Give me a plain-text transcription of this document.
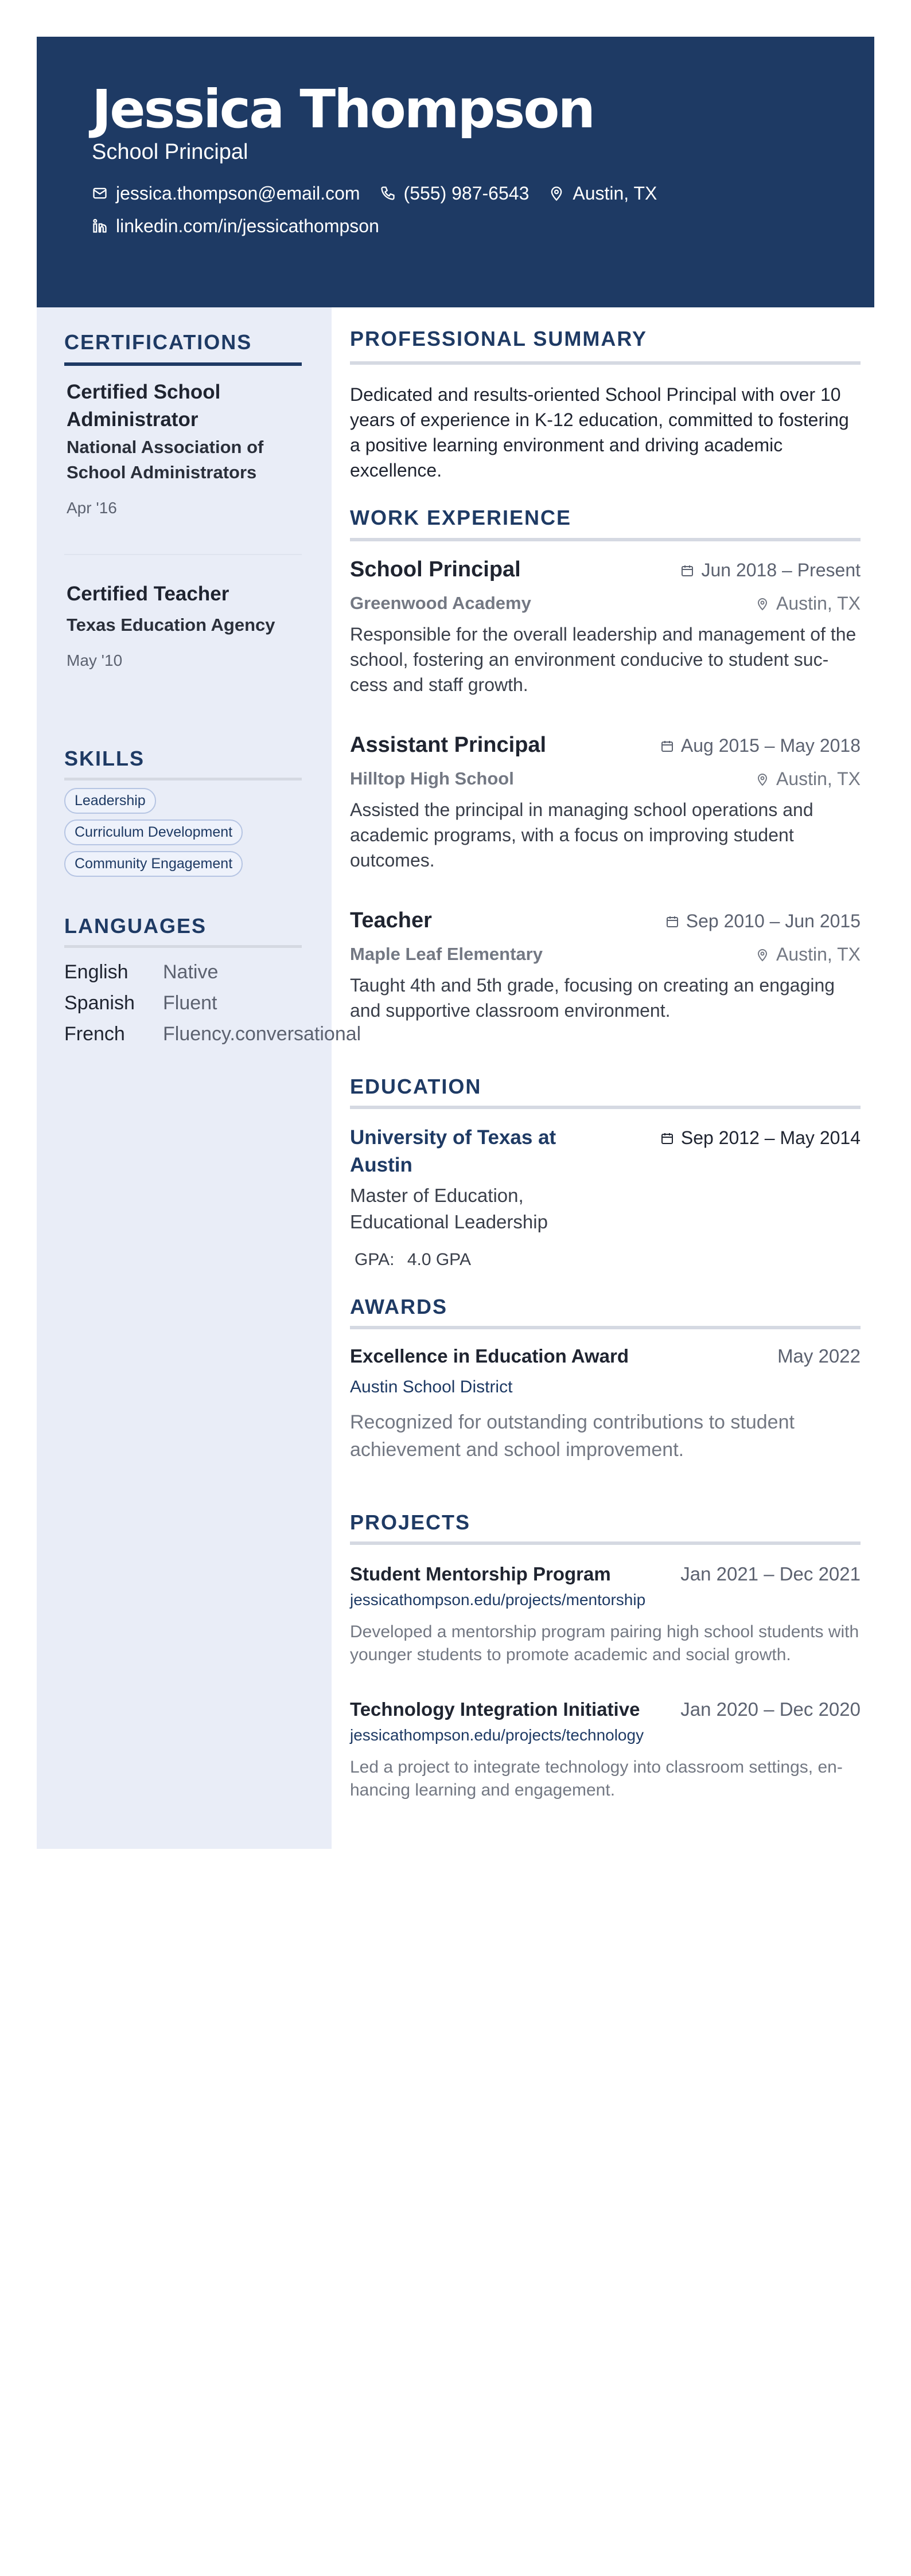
Jessica Thompson
School Principal
jessica.thompson@email.com (555) 987-6543 Austin, TX
linkedin.com/in/jessicathompson
CERTIFICATIONS
Certified School Administrator
National Association of School Administrators
Apr '16
Certified Teacher
Texas Education Agency
May '10
SKILLS
Leadership
Curriculum Development
Community Engagement
LANGUAGES
English Native
Spanish Fluent
French Fluency.conversational
PROFESSIONAL SUMMARY
Dedicated and results-oriented School Principal with over 10 years of experience in K-12 education, committed to fostering a positive learning environment and driving academic excellence.
WORK EXPERIENCE
School Principal	Jun 2018 – Present
Greenwood Academy	Austin, TX
Responsible for the overall leadership and management of the school, fostering an environment conducive to student suc-cess and staff growth.
Assistant Principal	Aug 2015 – May 2018
Hilltop High School	Austin, TX
Assisted the principal in managing school operations and academic programs, with a focus on improving student outcomes.
Teacher	Sep 2010 – Jun 2015
Maple Leaf Elementary	Austin, TX
Taught 4th and 5th grade, focusing on creating an engaging and supportive classroom environment.
EDUCATION
University of Texas at Austin
Sep 2012 – May 2014
Master of Education, Educational Leadership
GPA: 4.0 GPA
AWARDS
Excellence in Education Award	May 2022
Austin School District
Recognized for outstanding contributions to student achievement and school improvement.
PROJECTS
Student Mentorship Program	Jan 2021 – Dec 2021
jessicathompson.edu/projects/mentorship
Developed a mentorship program pairing high school students with younger students to promote academic and social growth.
Technology Integration Initiative Jan 2020 – Dec 2020
jessicathompson.edu/projects/technology
Led a project to integrate technology into classroom settings, en-hancing learning and engagement.
